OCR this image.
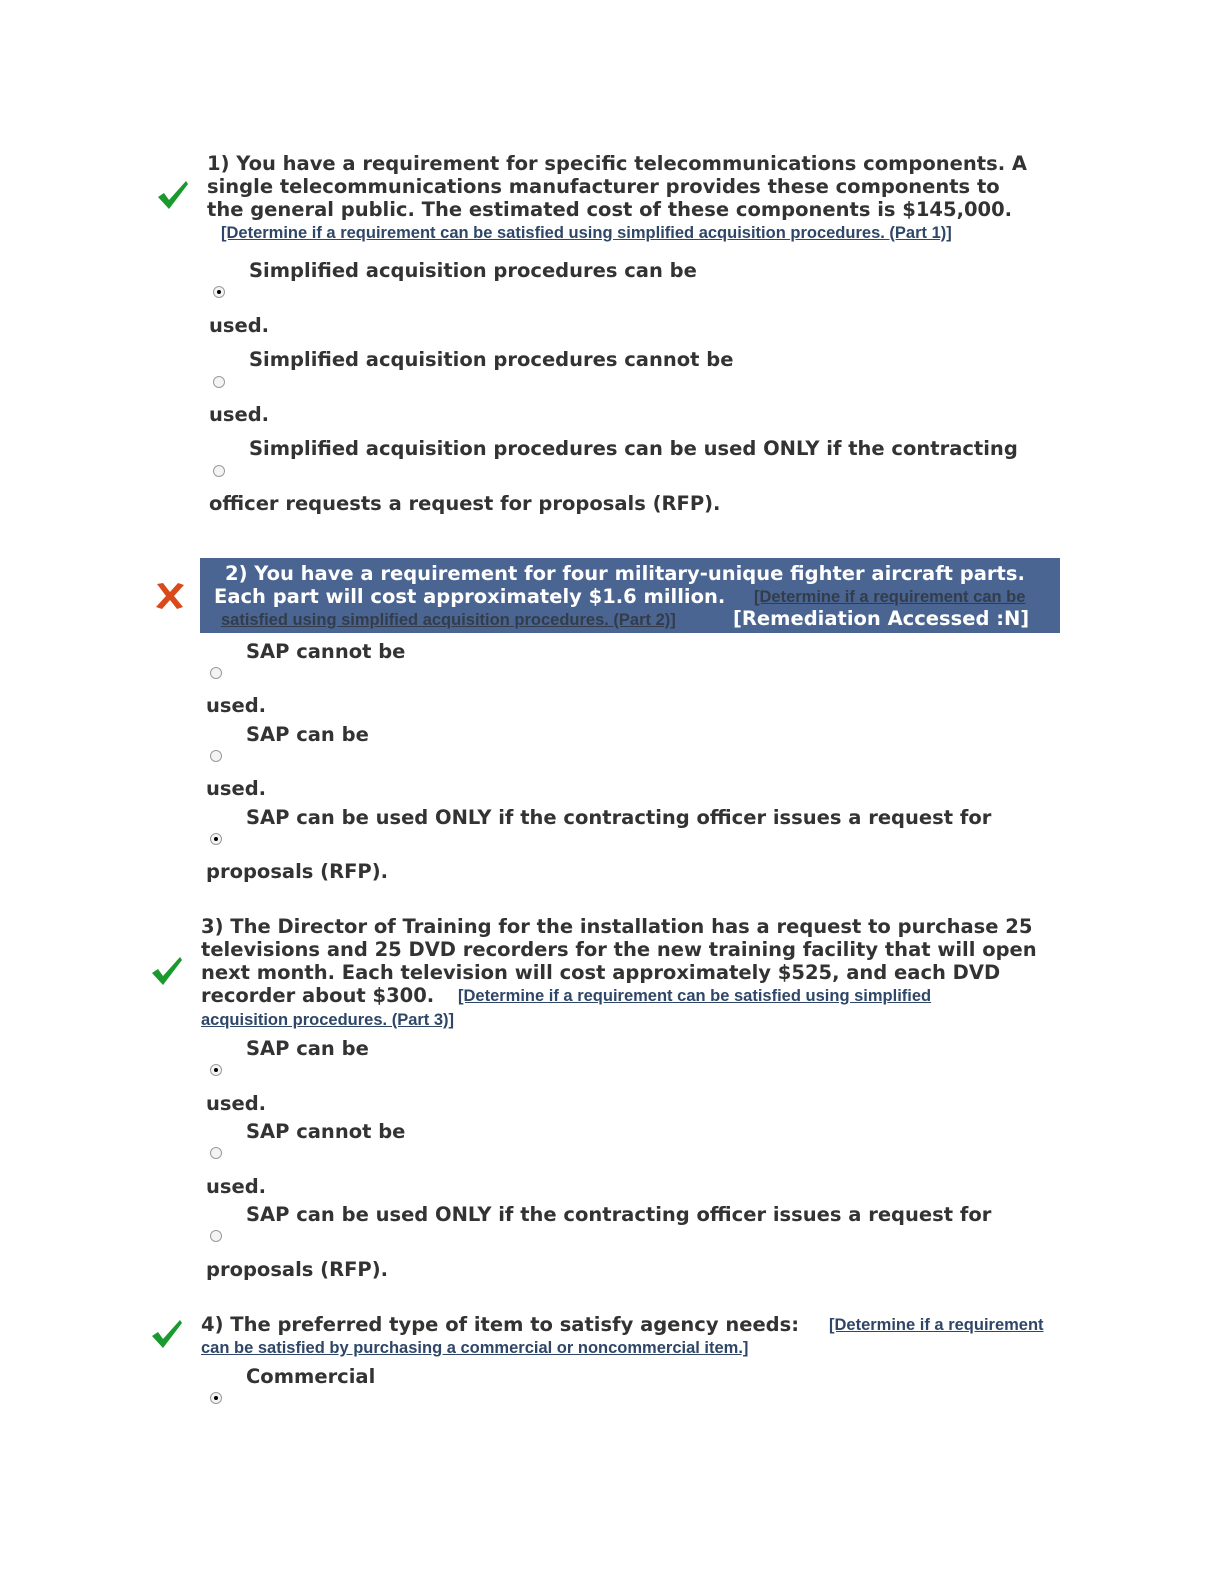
1) You have a requirement for specific telecommunications components. A
single telecommunications manufacturer provides these components to
the general public. The estimated cost of these components is $145,000.
[Determine if a requirement can be satisfied using simplified acquisition procedures. (Part 1)]
Simplified acquisition procedures can be
used.
Simplified acquisition procedures cannot be
used.
Simplified acquisition procedures can be used ONLY if the contracting
officer requests a request for proposals (RFP).
2) You have a requirement for four military-unique fighter aircraft parts.
Each part will cost approximately $1.6 million. [Determine if a requirement can be
satisfied using simplified acquisition procedures. (Part 2)]	[Remediation Accessed :N]
SAP cannot be
used.
SAP can be
used.
SAP can be used ONLY if the contracting officer issues a request for
proposals (RFP).
3) The Director of Training for the installation has a request to purchase 25
televisions and 25 DVD recorders for the new training facility that will open
next month. Each television will cost approximately $525, and each DVD
recorder about $300.	[Determine if a requirement can be satisfied using simplified
acquisition procedures. (Part 3)]
SAP can be
used.
SAP cannot be
used.
SAP can be used ONLY if the contracting officer issues a request for
proposals (RFP).
4) The preferred type of item to satisfy agency needs: [Determine if a requirement
can be satisfied by purchasing a commercial or noncommercial item.]
Commercial
